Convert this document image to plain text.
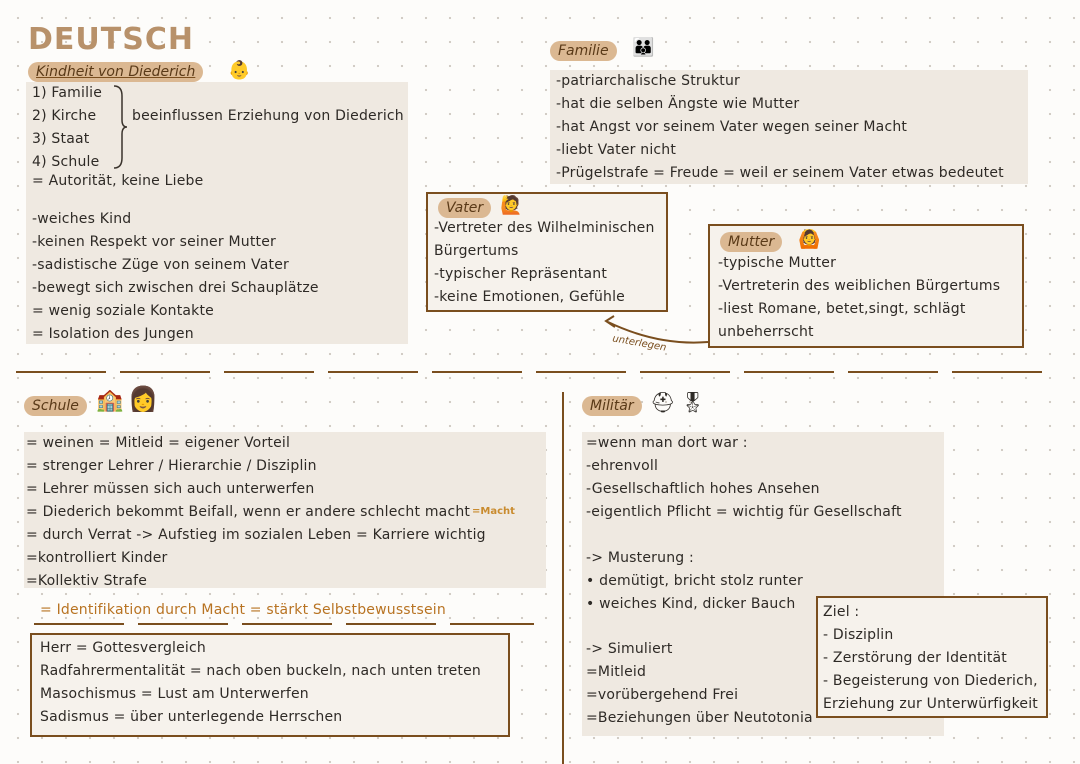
DEUTSCH
Kindheit von Diederich	👶
1) Familie
2) Kirche
3) Staat
4) Schule
beeinflussen Erziehung von Diederich
= Autorität, keine Liebe
-weiches Kind
-keinen Respekt vor seiner Mutter
-sadistische Züge von seinem Vater
-bewegt sich zwischen drei Schauplätze
= wenig soziale Kontakte
= Isolation des Jungen
Familie	👪
-patriarchalische Struktur
-hat die selben Ängste wie Mutter
-hat Angst vor seinem Vater wegen seiner Macht
-liebt Vater nicht
-Prügelstrafe = Freude = weil er seinem Vater etwas bedeutet
Vater 🙋
-Vertreter des Wilhelminischen
Bürgertums
-typischer Repräsentant
-keine Emotionen, Gefühle
Mutter	🙆
-typische Mutter
-Vertreterin des weiblichen Bürgertums
-liest Romane, betet,singt, schlägt
unbeherrscht
unterlegen
Schule 🏫 👩
= weinen = Mitleid = eigener Vorteil
= strenger Lehrer / Hierarchie / Disziplin
= Lehrer müssen sich auch unterwerfen
= Diederich bekommt Beifall, wenn er andere schlecht macht =Macht
= durch Verrat -> Aufstieg im sozialen Leben = Karriere wichtig
=kontrolliert Kinder
=Kollektiv Strafe
= Identifikation durch Macht = stärkt Selbstbewusstsein
Herr = Gottesvergleich
Radfahrermentalität = nach oben buckeln, nach unten treten
Masochismus = Lust am Unterwerfen
Sadismus = über unterlegende Herrschen
Militär ⛑ 🎖
=wenn man dort war :
-ehrenvoll
-Gesellschaftlich hohes Ansehen
-eigentlich Pflicht = wichtig für Gesellschaft
-> Musterung :
• demütigt, bricht stolz runter
• weiches Kind, dicker Bauch
-> Simuliert
=Mitleid
=vorübergehend Frei
=Beziehungen über Neutotonia
Ziel :
- Disziplin
- Zerstörung der Identität
- Begeisterung von Diederich,
Erziehung zur Unterwürfigkeit
